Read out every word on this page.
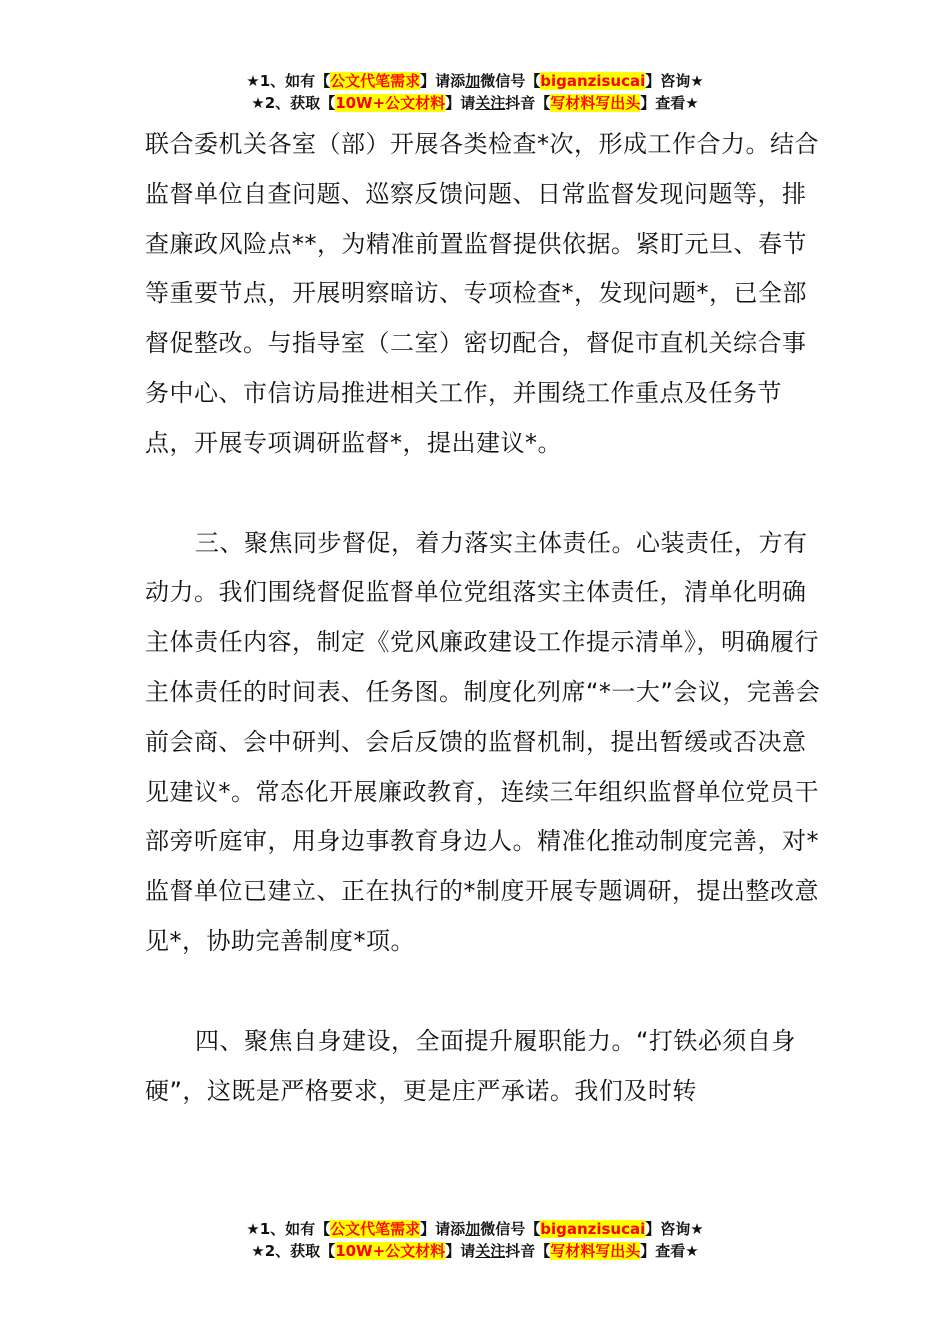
★1、如有【公文代笔需求】请添加微信号【biganzisucai】咨询★
★2、获取【10W+公文材料】请关注抖音【写材料写出头】查看★

联合委机关各室（部）开展各类检查*次，形成工作合力。结合监督单位自查问题、巡察反馈问题、日常监督发现问题等，排查廉政风险点**，为精准前置监督提供依据。紧盯元旦、春节等重要节点，开展明察暗访、专项检查*，发现问题*，已全部督促整改。与指导室（二室）密切配合，督促市直机关综合事务中心、市信访局推进相关工作，并围绕工作重点及任务节点，开展专项调研监督*，提出建议*。

三、聚焦同步督促，着力落实主体责任。心装责任，方有动力。我们围绕督促监督单位党组落实主体责任，清单化明确主体责任内容，制定《党风廉政建设工作提示清单》，明确履行主体责任的时间表、任务图。制度化列席“*一大”会议，完善会前会商、会中研判、会后反馈的监督机制，提出暂缓或否决意见建议*。常态化开展廉政教育，连续三年组织监督单位党员干部旁听庭审，用身边事教育身边人。精准化推动制度完善，对*监督单位已建立、正在执行的*制度开展专题调研，提出整改意见*，协助完善制度*项。

四、聚焦自身建设，全面提升履职能力。“打铁必须自身硬”，这既是严格要求，更是庄严承诺。我们及时转

★1、如有【公文代笔需求】请添加微信号【biganzisucai】咨询★
★2、获取【10W+公文材料】请关注抖音【写材料写出头】查看★
